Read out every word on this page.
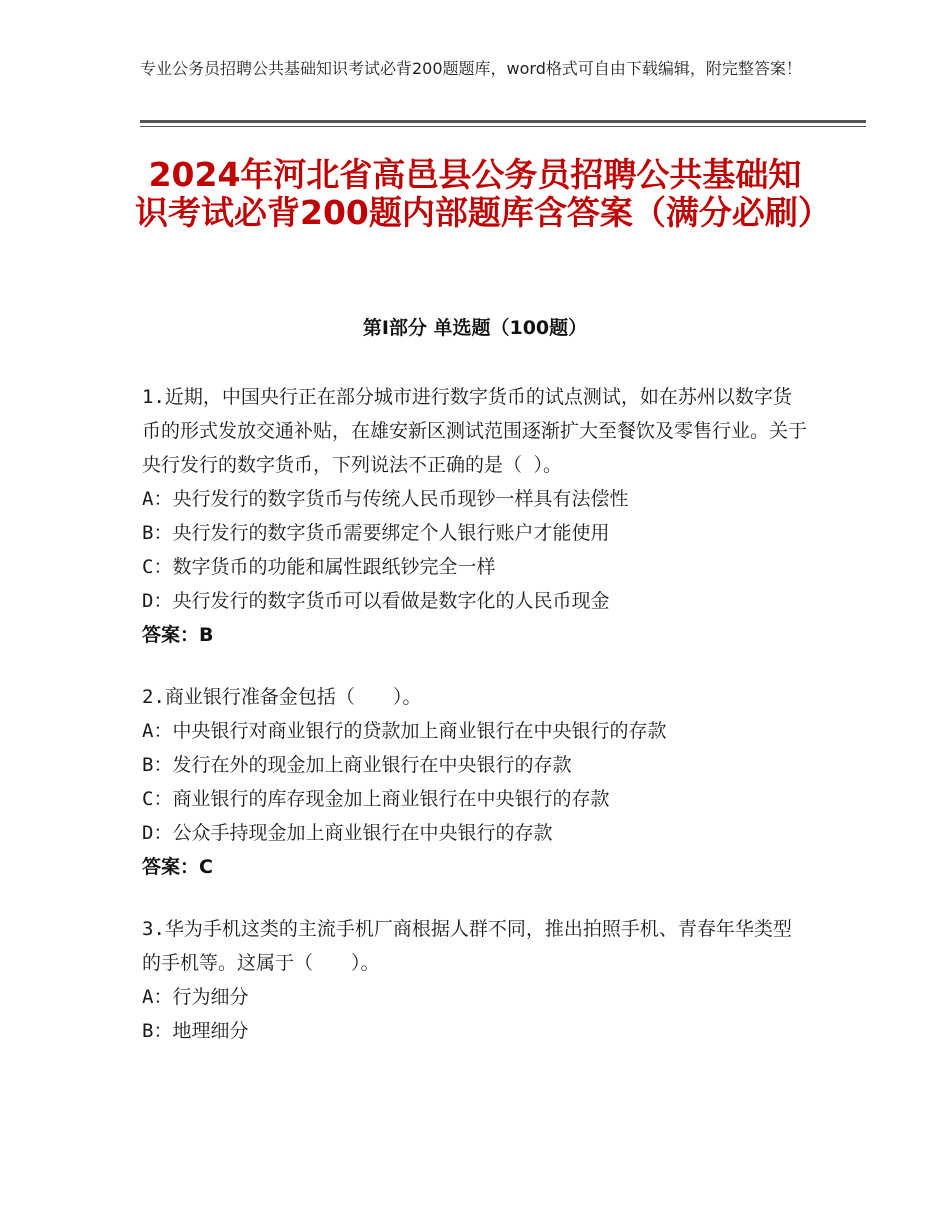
专业公务员招聘公共基础知识考试必背200题题库，word格式可自由下载编辑，附完整答案！
2024年河北省高邑县公务员招聘公共基础知识考试必背200题内部题库含答案（满分必刷）
第Ⅰ部分 单选题（100题）
1.近期，中国央行正在部分城市进行数字货币的试点测试，如在苏州以数字货币的形式发放交通补贴，在雄安新区测试范围逐渐扩大至餐饮及零售行业。关于央行发行的数字货币，下列说法不正确的是（ ）。
A：央行发行的数字货币与传统人民币现钞一样具有法偿性
B：央行发行的数字货币需要绑定个人银行账户才能使用
C：数字货币的功能和属性跟纸钞完全一样
D：央行发行的数字货币可以看做是数字化的人民币现金
答案：B
2.商业银行准备金包括（　　）。
A：中央银行对商业银行的贷款加上商业银行在中央银行的存款
B：发行在外的现金加上商业银行在中央银行的存款
C：商业银行的库存现金加上商业银行在中央银行的存款
D：公众手持现金加上商业银行在中央银行的存款
答案：C
3.华为手机这类的主流手机厂商根据人群不同，推出拍照手机、青春年华类型的手机等。这属于（　　）。
A：行为细分
B：地理细分
